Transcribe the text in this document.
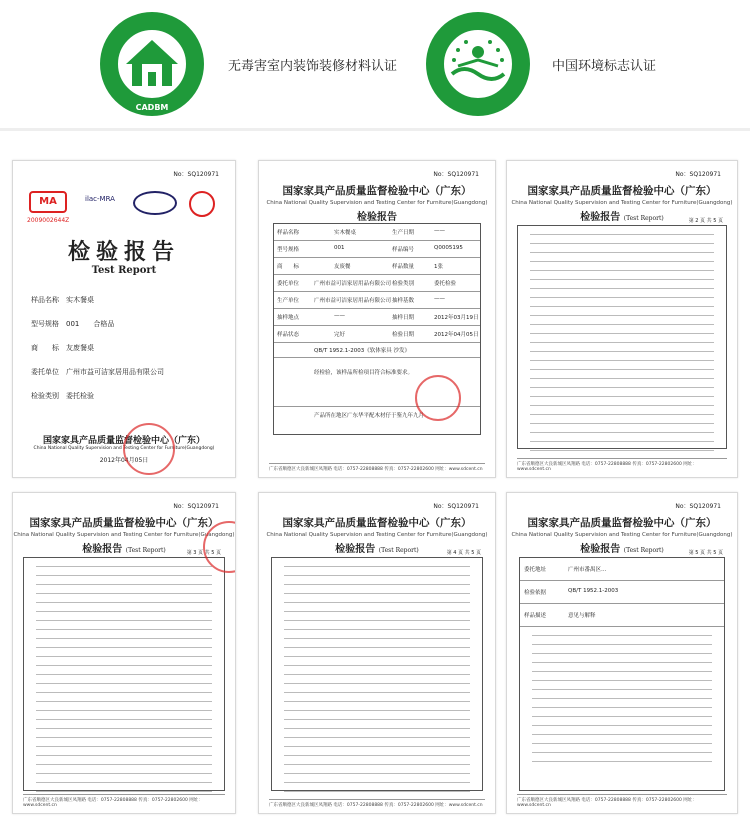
CADBM
无毒害室内装饰装修材料认证	中国环境标志认证
No：SQ120971
MA	ilac-MRA
2009002644Z
检验报告
Test Report
样品名称　 实木餐桌
型号规格　 001　　合格品
商　　标　 友废餐桌
委托单位　 广州市益可洁家居用品有限公司
检验类别　 委托检验
国家家具产品质量监督检验中心（广东）
China National Quality Supervision and Testing Center for Furniture(Guangdong)
2012年04月05日
No：SQ120971
国家家具产品质量监督检验中心（广东）
China National Quality Supervision and Testing Center for Furniture(Guangdong)
检验报告
样品名称	实木餐桌	生产日期	——
型号规格	001	样品编号	Q0005195
商　　标	友废餐	样品数量	1张
委托单位	广州市益可洁家居用品有限公司 检验类别	委托检验
生产单位	广州市益可洁家居用品有限公司 抽样基数	——
抽样地点	——	抽样日期	2012年03月19日
样品状态	完好	检验日期	2012年04月05日
QB/T 1952.1-2003《软体家具 沙发》
经检验，该样品所检项目符合标准要求。
产品所在地区广东华平配木材仔于鉴九年九月
广东省顺德区大良新城区凤翔路 电话：0757-22808888 传真：0757-22802600 网址：www.sdcent.cn
No：SQ120971
国家家具产品质量监督检验中心（广东）
China National Quality Supervision and Testing Center for Furniture(Guangdong)
检验报告 (Test Report)	第 2 页 共 5 页
广东省顺德区大良新城区凤翔路 电话：0757-22808888 传真：0757-22802600 网址：www.sdcent.cn
No：SQ120971
国家家具产品质量监督检验中心（广东）
China National Quality Supervision and Testing Center for Furniture(Guangdong)
检验报告 (Test Report)	第 3 页 共 5 页
广东省顺德区大良新城区凤翔路 电话：0757-22808888 传真：0757-22802600 网址：www.sdcent.cn
No：SQ120971
国家家具产品质量监督检验中心（广东）
China National Quality Supervision and Testing Center for Furniture(Guangdong)
检验报告 (Test Report)	第 4 页 共 5 页
广东省顺德区大良新城区凤翔路 电话：0757-22808888 传真：0757-22802600 网址：www.sdcent.cn
No：SQ120971
国家家具产品质量监督检验中心（广东）
China National Quality Supervision and Testing Center for Furniture(Guangdong)
检验报告 (Test Report)	第 5 页 共 5 页
委托地址	广州市番禺区…
检验依据	QB/T 1952.1-2003
样品描述	意见与解释
广东省顺德区大良新城区凤翔路 电话：0757-22808888 传真：0757-22802600 网址：www.sdcent.cn
